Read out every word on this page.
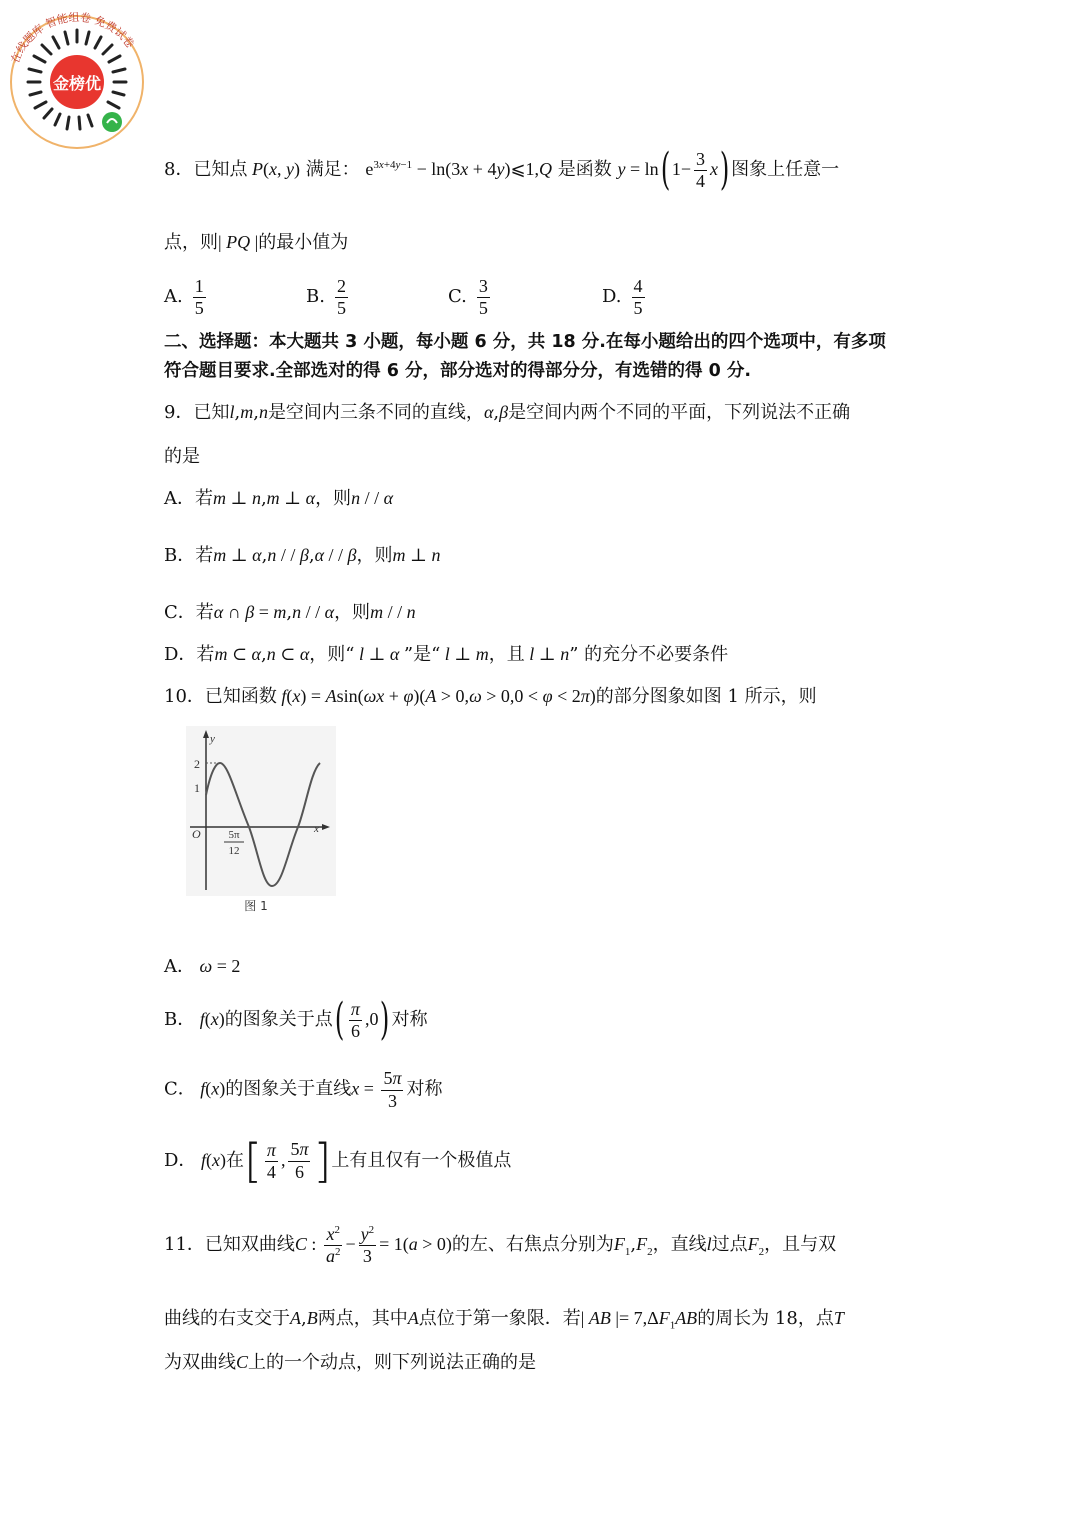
金榜优
在线题库 智能组卷 免费试卷
8．已知点 P(x, y) 满足： $e^{3x+4y-1} - \ln(3x$ + 4y)⩽1,Q 是函数 y = ln( $1- \frac{3}{4} x$) 图象上任意一
点，则| PQ |的最小值为
A. $\frac{1}{5}$	B. $\frac{2}{5}$	C. $\frac{3}{5}$	D. $\frac{4}{5}$
二、选择题：本大题共 3 小题，每小题 6 分，共 18 分.在每小题给出的四个选项中，有多项
符合题目要求.全部选对的得 6 分，部分选对的得部分分，有选错的得 0 分.
9．已知l,m,n是空间内三条不同的直线，α,β是空间内两个不同的平面，下列说法不正确
的是
A．若m ⊥ n,m ⊥ α，则n / / α
B．若m ⊥ α,n / / β,α / / β，则m ⊥ n
C．若α ∩ β = m,n / / α，则m / / n
D．若m ⊂ α,n ⊂ α，则“ l ⊥ α ”是“ l ⊥ m，且 l ⊥ n” 的充分不必要条件
10．已知函数 f(x) = Asin(ωx + φ)(A > 0,ω > 0,0 < φ < 2π)的部分图象如图 1 所示，则
y
x
O
2
1
5π
12
图 1
A． ω = 2
B． f(x)的图象关于点( $\frac{\pi}{6} ,0$) 对称
C． f(x)的图象关于直线$x = \frac{5\pi}{3}$ 对称
D． f(x)在[ $\frac{\pi}{4}$ , $\frac{5\pi}{6}$ ]上有且仅有一个极值点
11．已知双曲线C : $\frac{x^2}{a^2} - \frac{y^2}{3} = 1(a > 0)$的左、右焦点分别为$F_1,F_2$，直线l过点$F_2$，且与双
曲线的右支交于A,B两点，其中A点位于第一象限．若| AB |= $7,\Delta F_1AB$的周长为 18，点T
为双曲线C上的一个动点，则下列说法正确的是
